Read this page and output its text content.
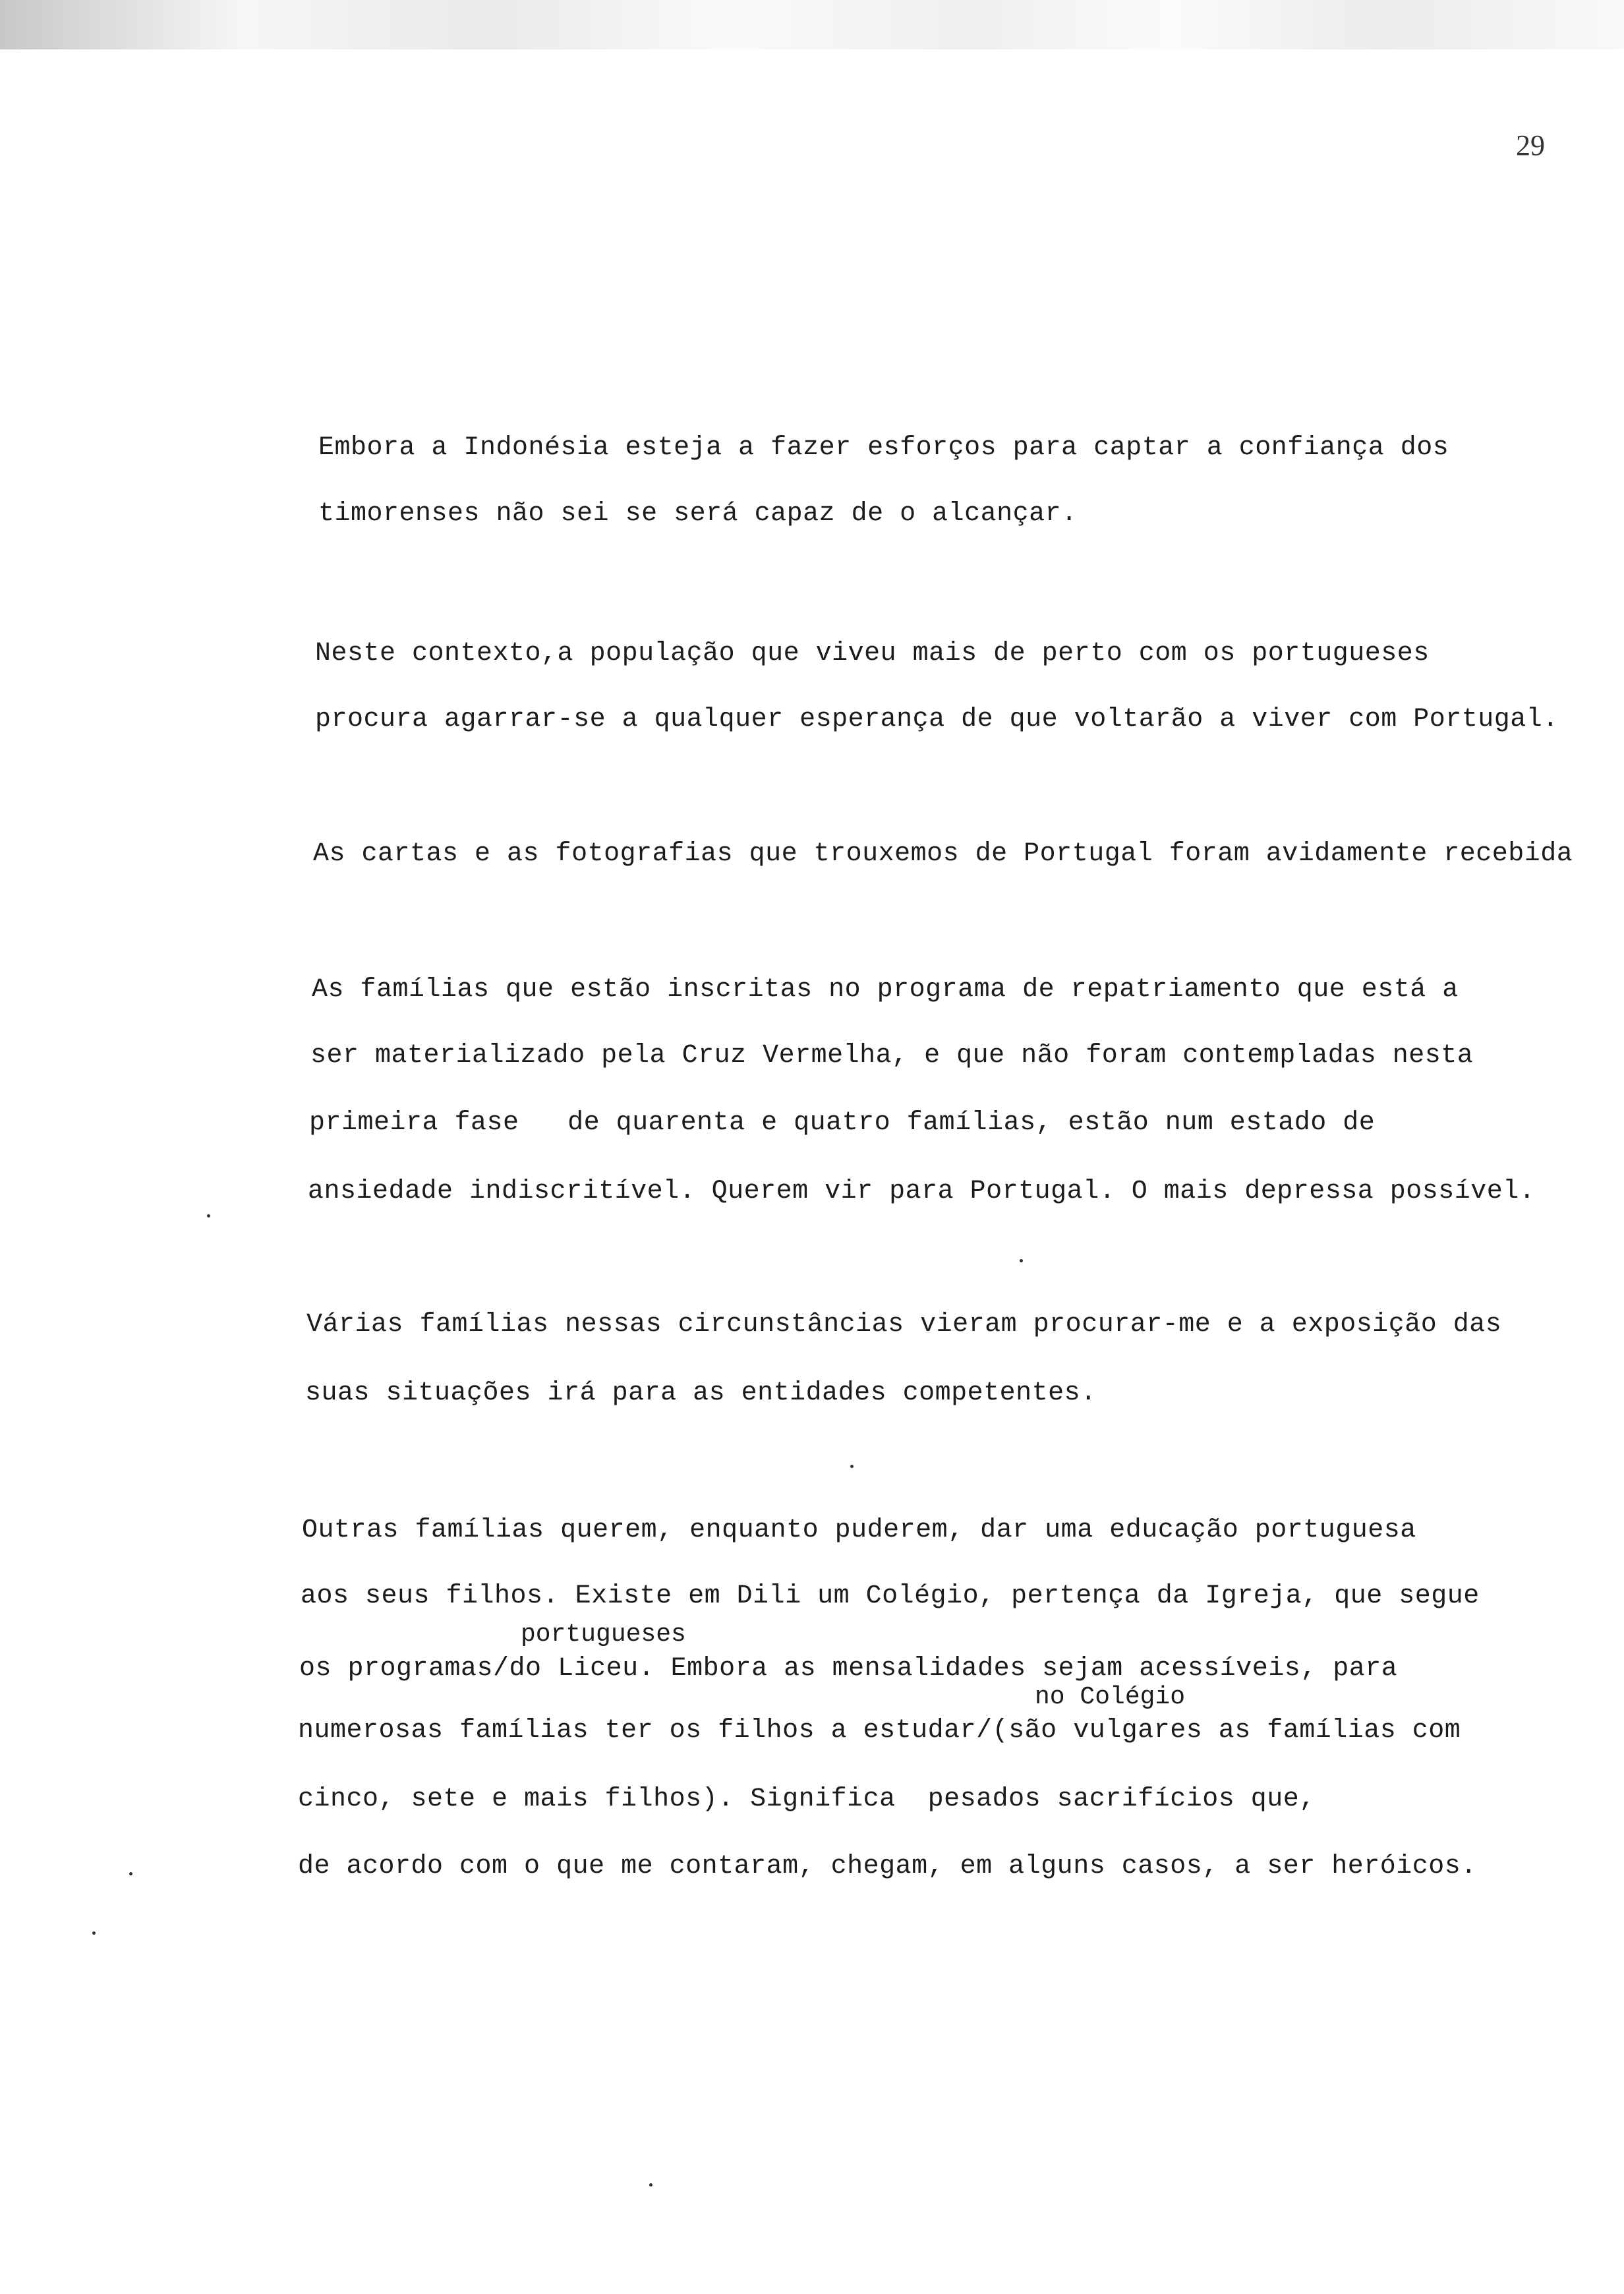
29
Embora a Indonésia esteja a fazer esforços para captar a confiança dos
timorenses não sei se será capaz de o alcançar.
Neste contexto,a população que viveu mais de perto com os portugueses
procura agarrar-se a qualquer esperança de que voltarão a viver com Portugal.
As cartas e as fotografias que trouxemos de Portugal foram avidamente recebida
As famílias que estão inscritas no programa de repatriamento que está a
ser materializado pela Cruz Vermelha, e que não foram contempladas nesta
primeira fase   de quarenta e quatro famílias, estão num estado de
ansiedade indiscritível. Querem vir para Portugal. O mais depressa possível.
Várias famílias nessas circunstâncias vieram procurar-me e a exposição das
suas situações irá para as entidades competentes.
Outras famílias querem, enquanto puderem, dar uma educação portuguesa
aos seus filhos. Existe em Dili um Colégio, pertença da Igreja, que segue
portugueses
os programas/do Liceu. Embora as mensalidades sejam acessíveis, para
no Colégio
numerosas famílias ter os filhos a estudar/(são vulgares as famílias com
cinco, sete e mais filhos). Significa  pesados sacrifícios que,
de acordo com o que me contaram, chegam, em alguns casos, a ser heróicos.
